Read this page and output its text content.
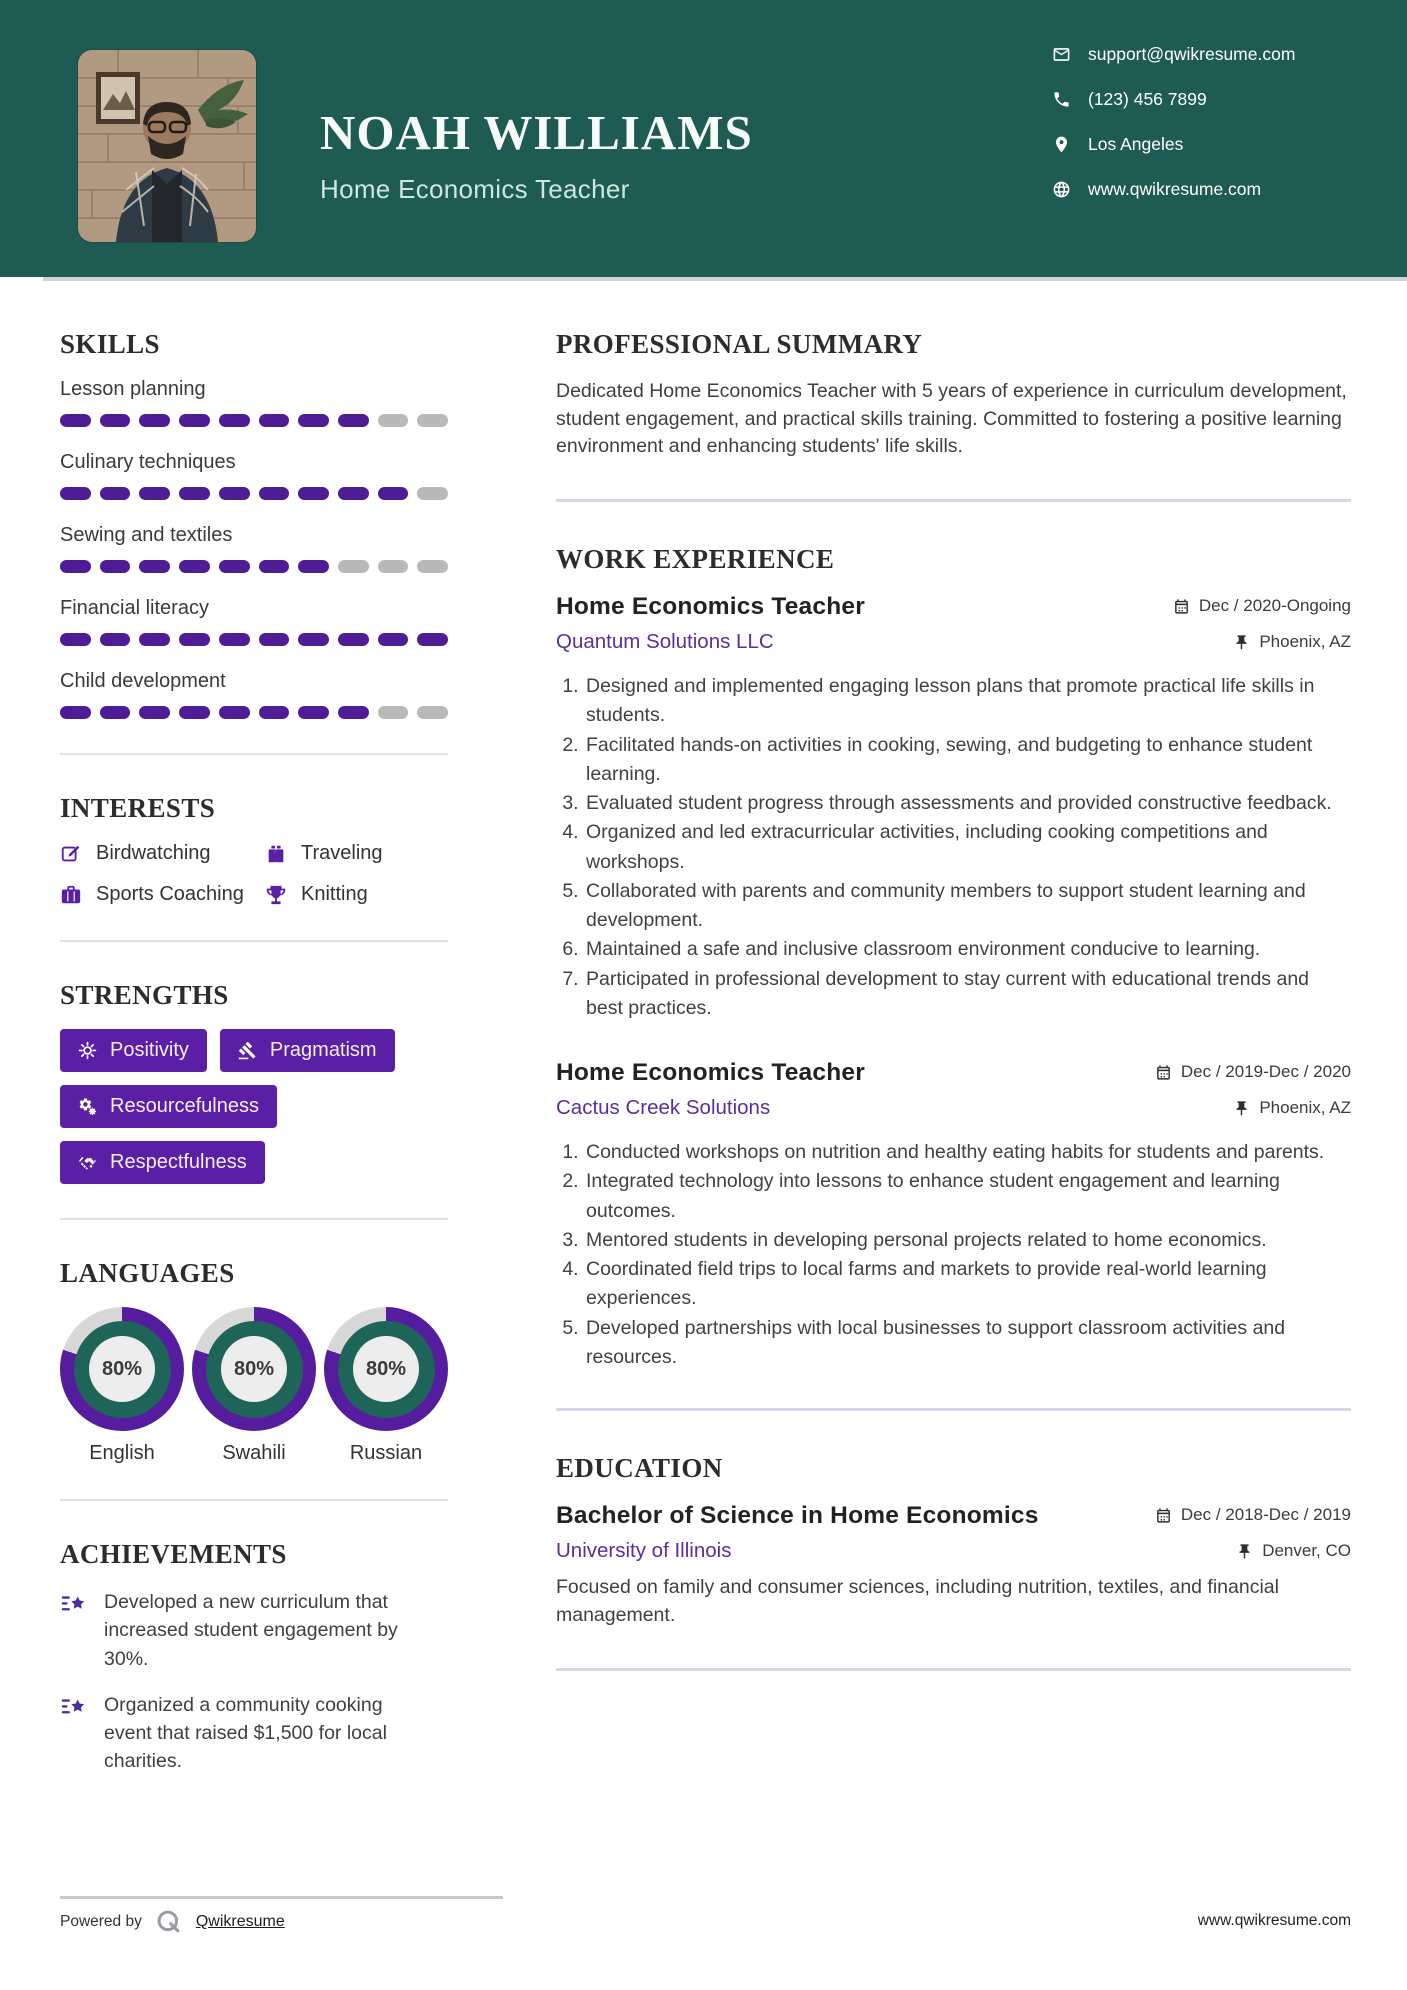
NOAH WILLIAMS
Home Economics Teacher
support@qwikresume.com
(123) 456 7899
Los Angeles
www.qwikresume.com
SKILLS
Lesson planning
Culinary techniques
Sewing and textiles
Financial literacy
Child development
INTERESTS
Birdwatching	Traveling
Sports Coaching	Knitting
STRENGTHS
Positivity	Pragmatism
Resourcefulness
Respectfulness
LANGUAGES
80%
English
80%
Swahili
80%
Russian
ACHIEVEMENTS

Developed a new curriculum that increased student engagement by 30%.

Organized a community cooking event that raised $1,500 for local charities.

PROFESSIONAL SUMMARY

Dedicated Home Economics Teacher with 5 years of experience in curriculum development, student engagement, and practical skills training. Committed to fostering a positive learning environment and enhancing students' life skills.

WORK EXPERIENCE
Home Economics Teacher
Quantum Solutions LLC
Dec / 2020-Ongoing
Phoenix, AZ
1. Designed and implemented engaging lesson plans that promote practical life skills in students.
2. Facilitated hands-on activities in cooking, sewing, and budgeting to enhance student learning.
3. Evaluated student progress through assessments and provided constructive feedback.
4. Organized and led extracurricular activities, including cooking competitions and workshops.
5. Collaborated with parents and community members to support student learning and development.
6. Maintained a safe and inclusive classroom environment conducive to learning.
7. Participated in professional development to stay current with educational trends and best practices.
Home Economics Teacher
Cactus Creek Solutions
Dec / 2019-Dec / 2020
Phoenix, AZ
1. Conducted workshops on nutrition and healthy eating habits for students and parents.
2. Integrated technology into lessons to enhance student engagement and learning outcomes.
3. Mentored students in developing personal projects related to home economics.
4. Coordinated field trips to local farms and markets to provide real-world learning experiences.
5. Developed partnerships with local businesses to support classroom activities and resources.
EDUCATION
Bachelor of Science in Home Economics
University of Illinois
Dec / 2018-Dec / 2019
Denver, CO

Focused on family and consumer sciences, including nutrition, textiles, and financial management.

Powered by	Qwikresume	www.qwikresume.com
